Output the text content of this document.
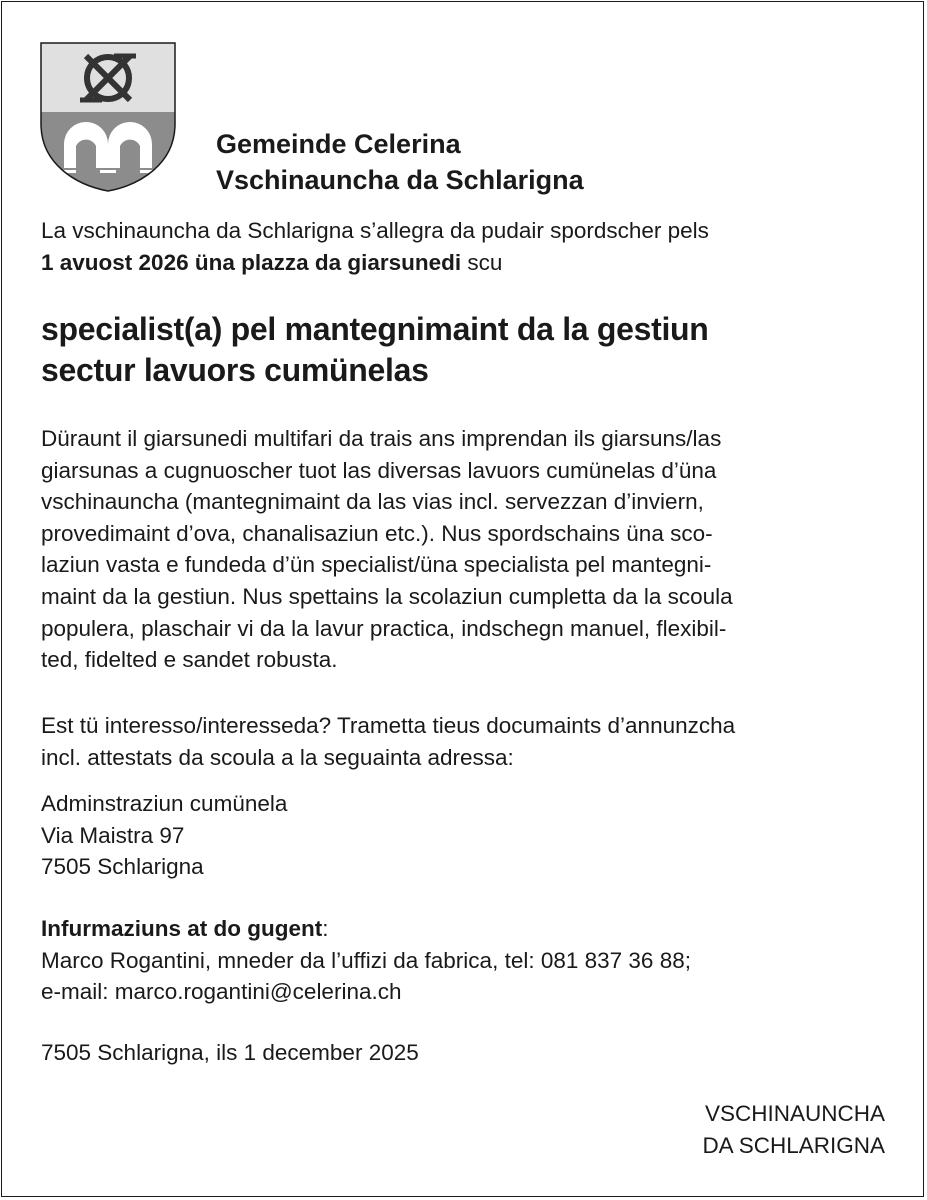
Gemeinde Celerina
Vschinauncha da Schlarigna

La vschinauncha da Schlarigna s’allegra da pudair spordscher pels
1 avuost 2026 üna plazza da giarsunedi scu

specialist(a) pel mantegnimaint da la gestiun
sectur lavuors cumünelas

Düraunt il giarsunedi multifari da trais ans imprendan ils giarsuns/las
giarsunas a cugnuoscher tuot las diversas lavuors cumünelas d’üna
vschinauncha (mantegnimaint da las vias incl. servezzan d’inviern,
provedimaint d’ova, chanalisaziun etc.). Nus spordschains üna sco-
laziun vasta e fundeda d’ün specialist/üna specialista pel mantegni-
maint da la gestiun. Nus spettains la scolaziun cumpletta da la scoula
populera, plaschair vi da la lavur practica, indschegn manuel, flexibil-
ted, fidelted e sandet robusta.

Est tü interesso/interesseda? Trametta tieus documaints d’annunzcha
incl. attestats da scoula a la seguainta adressa:

Adminstraziun cumünela
Via Maistra 97
7505 Schlarigna

Infurmaziuns at do gugent:
Marco Rogantini, mneder da l’uffizi da fabrica, tel: 081 837 36 88;
e-mail: marco.rogantini@celerina.ch

7505 Schlarigna, ils 1 december 2025

VSCHINAUNCHA
DA SCHLARIGNA
